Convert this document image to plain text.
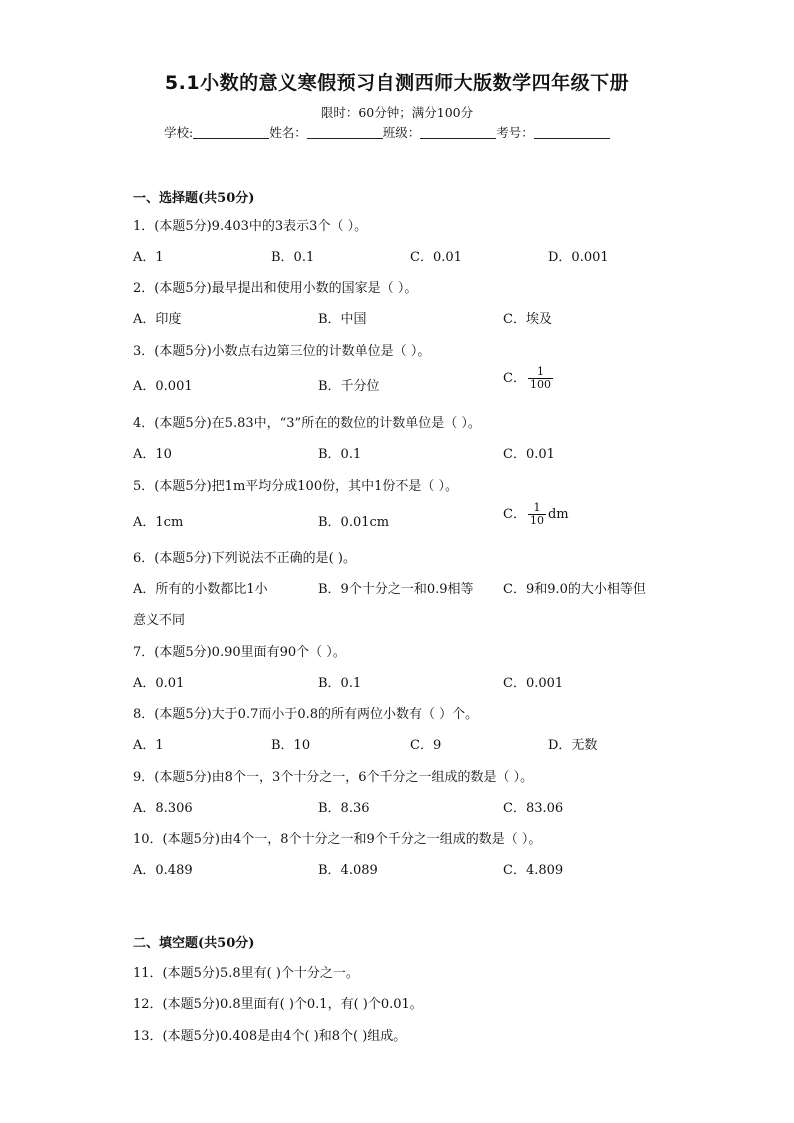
5.1小数的意义寒假预习自测西师大版数学四年级下册
限时：60分钟；满分100分
学校:	姓名：	班级：	考号：
一、选择题(共50分)
1．(本题5分)9.403中的3表示3个（ ）。
A．1	B．0.1	C．0.01	D．0.001
2．(本题5分)最早提出和使用小数的国家是（ ）。
A．印度	B．中国	C．埃及
3．(本题5分)小数点右边第三位的计数单位是（ ）。
A．0.001	B．千分位
C． $\frac{1}{100}$
4．(本题5分)在5.83中，“3”所在的数位的计数单位是（ ）。
A．10	B．0.1	C．0.01
5．(本题5分)把1m平均分成100份，其中1份不是（ ）。
A．1cm	B．0.01cm
C． $\frac{1}{10}$ dm
6．(本题5分)下列说法不正确的是( )。
A．所有的小数都比1小	B．9个十分之一和0.9相等 C．9和9.0的大小相等但
意义不同
7．(本题5分)0.90里面有90个（ ）。
A．0.01	B．0.1	C．0.001
8．(本题5分)大于0.7而小于0.8的所有两位小数有（ ）个。
A．1	B．10	C．9	D．无数
9．(本题5分)由8个一，3个十分之一，6个千分之一组成的数是（ ）。
A．8.306	B．8.36	C．83.06
10．(本题5分)由4个一，8个十分之一和9个千分之一组成的数是（ ）。
A．0.489	B．4.089	C．4.809
二、填空题(共50分)
11．(本题5分)5.8里有( )个十分之一。
12．(本题5分)0.8里面有( )个0.1，有( )个0.01。
13．(本题5分)0.408是由4个( )和8个( )组成。
